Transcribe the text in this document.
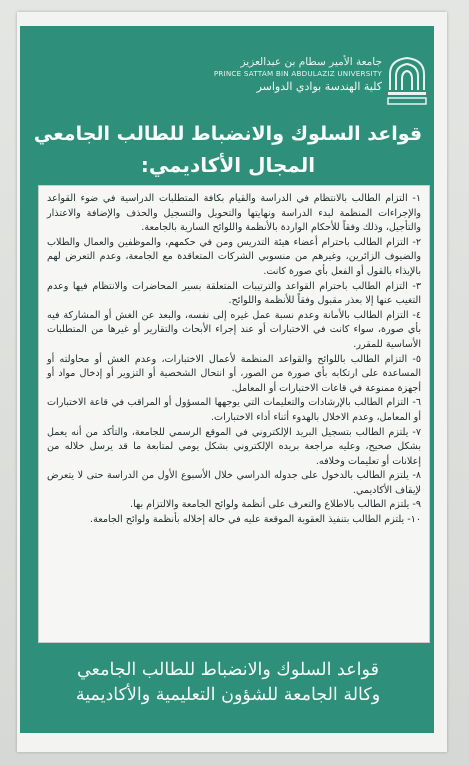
جامعة الأمير سطام بن عبدالعزيز
PRINCE SATTAM BIN ABDULAZIZ UNIVERSITY
كلية الهندسة بوادي الدواسر
قواعد السلوك والانضباط للطالب الجامعي
المجال الأكاديمي:

١- التزام الطالب بالانتظام في الدراسة والقيام بكافة المتطلبات الدراسية في ضوء القواعد والإجراءات المنظمة لبدء الدراسة ونهايتها والتحويل والتسجيل والحذف والإضافة والاعتذار والتأجيل، وذلك وفقاً للأحكام الواردة بالأنظمة واللوائح السارية بالجامعة.

٢- التزام الطالب باحترام أعضاء هيئة التدريس ومن في حكمهم، والموظفين والعمال والطلاب والضيوف الزائرين، وغيرهم من منسوبي الشركات المتعاقدة مع الجامعة، وعدم التعرض لهم بالإيذاء بالقول أو الفعل بأي صورة كانت.

٣- التزام الطالب باحترام القواعد والترتيبات المتعلقة بسير المحاضرات والانتظام فيها وعدم التغيب عنها إلا بعذر مقبول وفقاً للأنظمة واللوائح.

٤- التزام الطالب بالأمانة وعدم نسبة عمل غيره إلى نفسه، والبعد عن الغش أو المشاركة فيه بأي صورة، سواء كانت في الاختبارات أو عند إجراء الأبحاث والتقارير أو غيرها من المتطلبات الأساسية للمقرر.

٥- التزام الطالب باللوائح والقواعد المنظمة لأعمال الاختبارات، وعدم الغش أو محاولته أو المساعدة على ارتكابه بأي صورة من الصور، أو انتحال الشخصية أو التزوير أو إدخال مواد أو أجهزة ممنوعة في قاعات الاختبارات أو المعامل.

٦- التزام الطالب بالإرشادات والتعليمات التي يوجهها المسؤول أو المراقب في قاعة الاختبارات أو المعامل، وعدم الاخلال بالهدوء أثناء أداء الاختبارات.

٧- يلتزم الطالب بتسجيل البريد الإلكتروني في الموقع الرسمي للجامعة، والتأكد من أنه يعمل بشكل صحيح، وعليه مراجعة بريده الإلكتروني بشكل يومي لمتابعة ما قد يرسل خلاله من إعلانات أو تعليمات وخلافه.

٨- يلتزم الطالب بالدخول على جدوله الدراسي خلال الأسبوع الأول من الدراسة حتى لا يتعرض لإيقاف الأكاديمي.

٩- يلتزم الطالب بالاطلاع والتعرف على أنظمة ولوائح الجامعة والالتزام بها.

١٠- يلتزم الطالب بتنفيذ العقوبة الموقعة عليه في حالة إخلاله بأنظمة ولوائح الجامعة.

قواعد السلوك والانضباط للطالب الجامعي
وكالة الجامعة للشؤون التعليمية والأكاديمية
